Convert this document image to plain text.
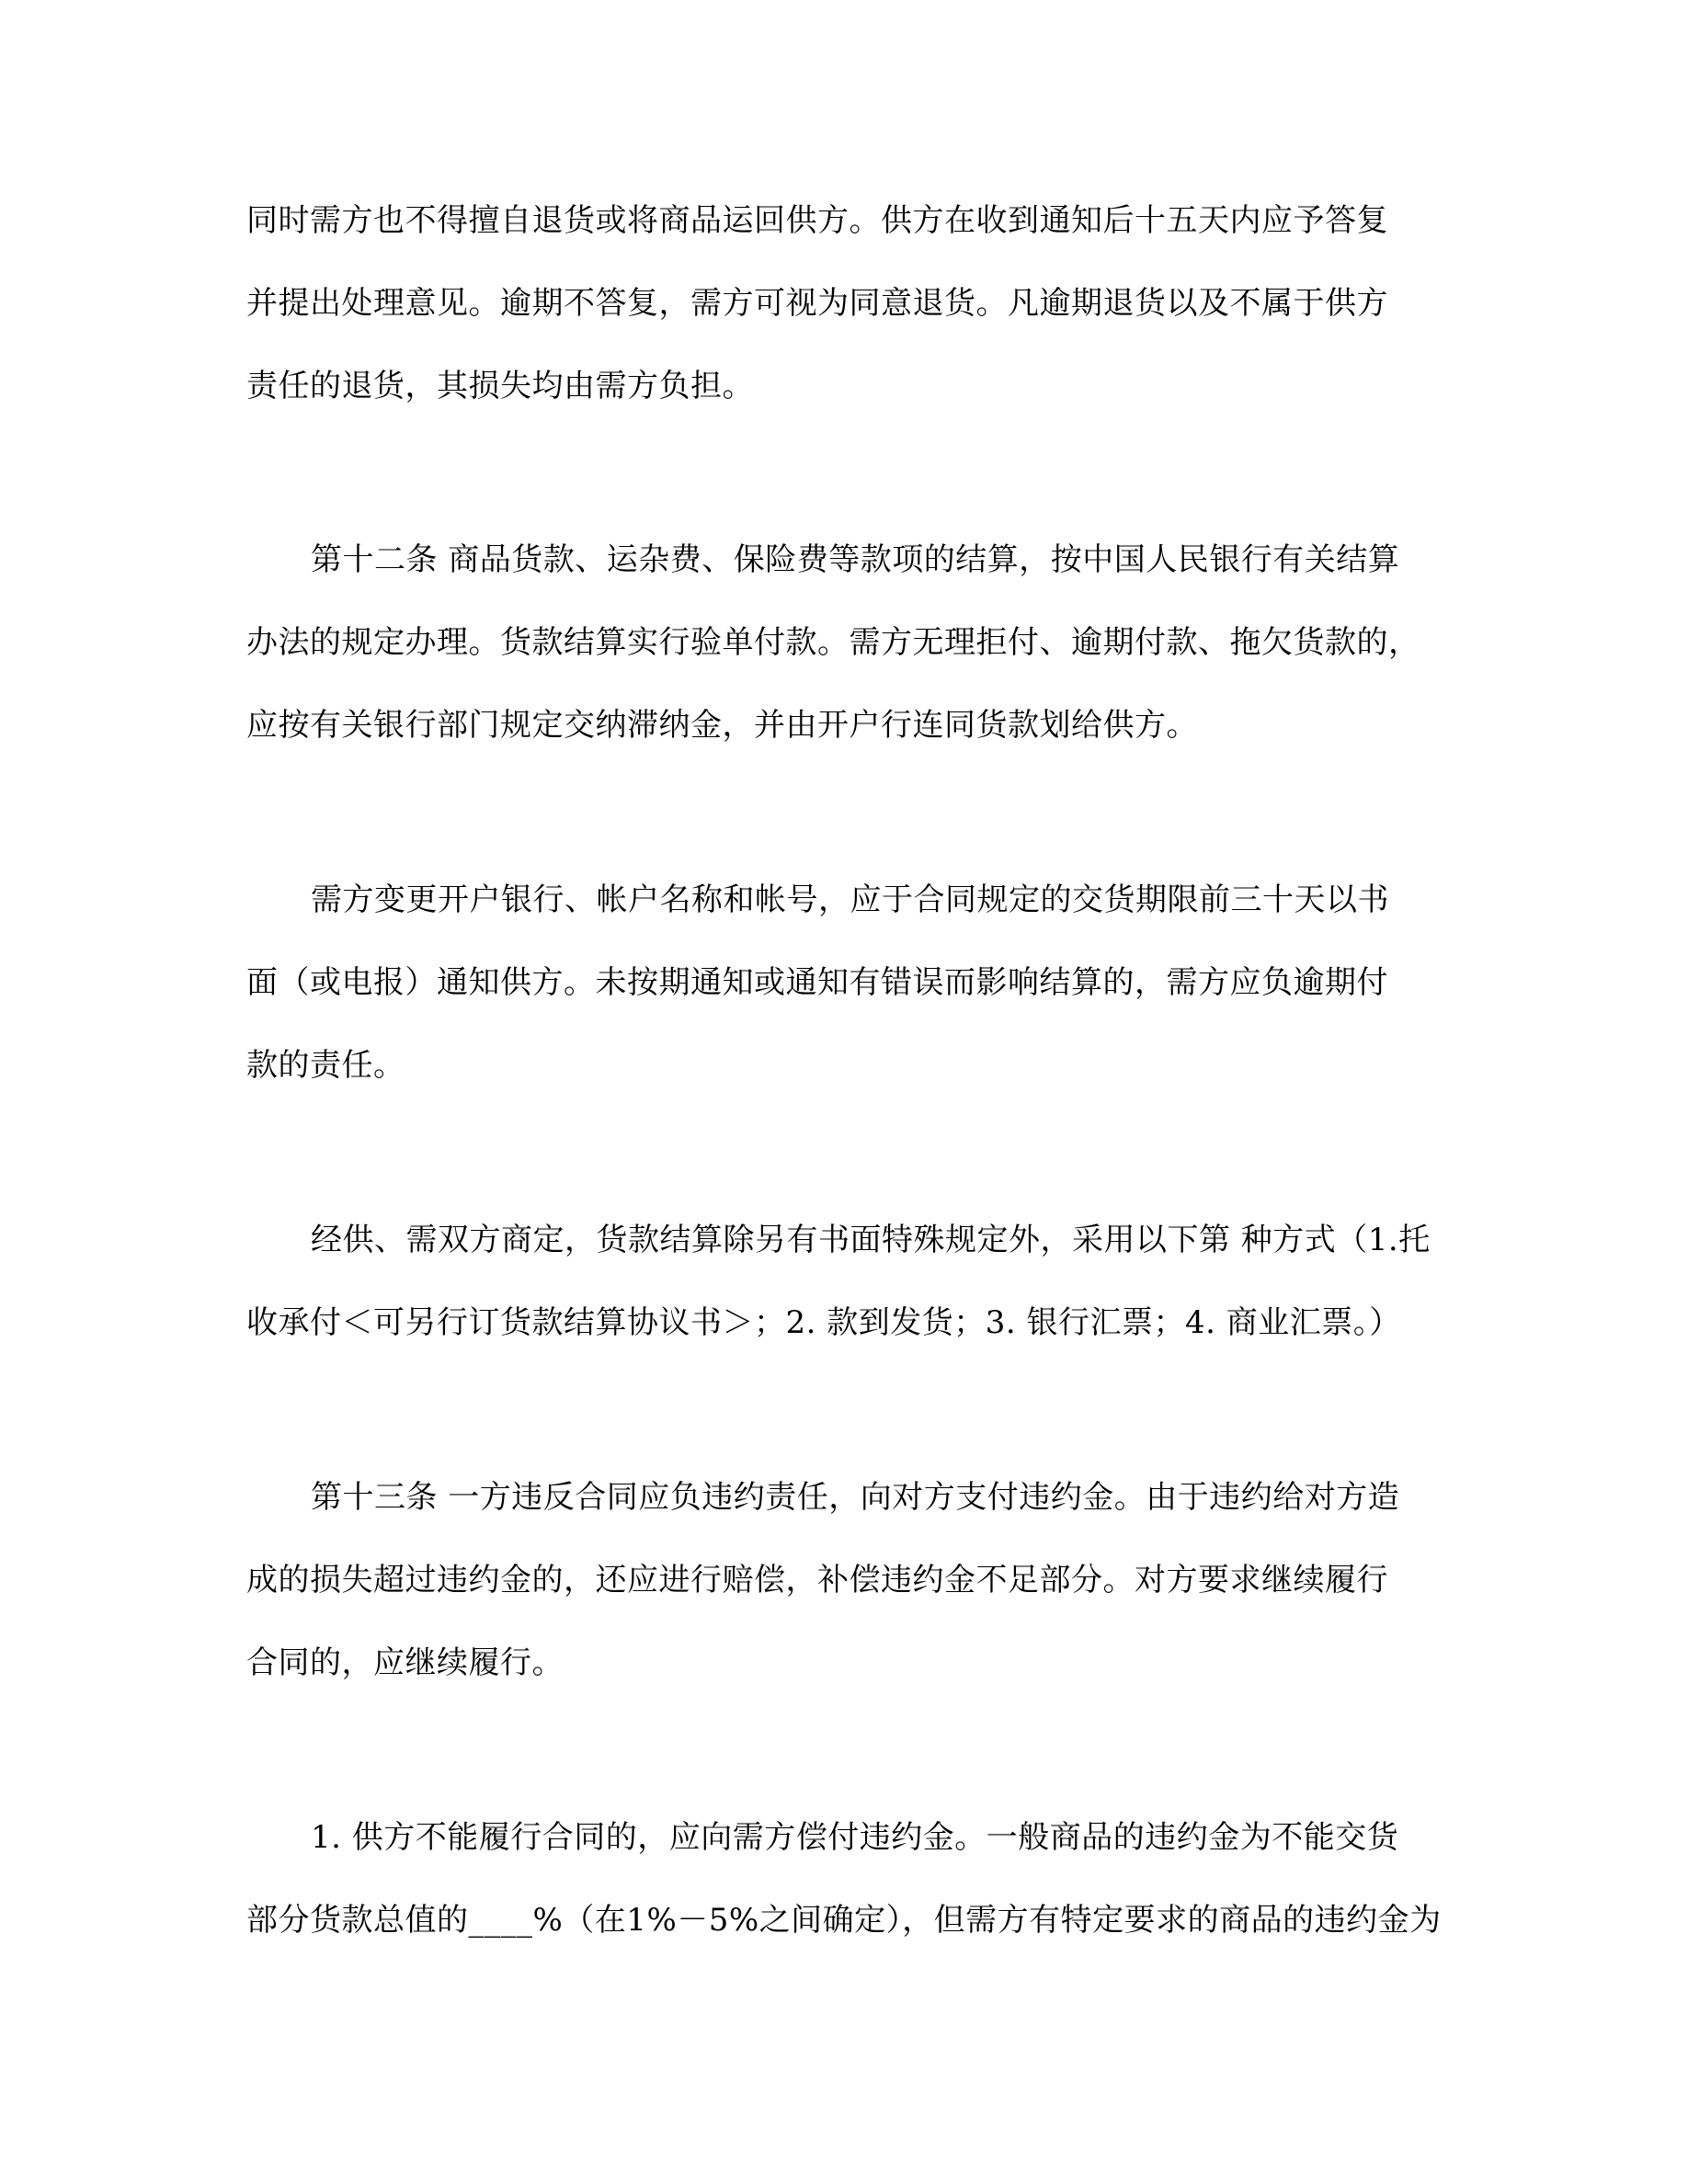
同时需方也不得擅自退货或将商品运回供方。供方在收到通知后十五天内应予答复
并提出处理意见。逾期不答复，需方可视为同意退货。凡逾期退货以及不属于供方
责任的退货，其损失均由需方负担。
第十二条 商品货款、运杂费、保险费等款项的结算，按中国人民银行有关结算
办法的规定办理。货款结算实行验单付款。需方无理拒付、逾期付款、拖欠货款的，
应按有关银行部门规定交纳滞纳金，并由开户行连同货款划给供方。
需方变更开户银行、帐户名称和帐号，应于合同规定的交货期限前三十天以书
面（或电报）通知供方。未按期通知或通知有错误而影响结算的，需方应负逾期付
款的责任。
经供、需双方商定，货款结算除另有书面特殊规定外，采用以下第 种方式（1.托
收承付＜可另行订货款结算协议书＞；2. 款到发货；3. 银行汇票；4. 商业汇票。）
第十三条 一方违反合同应负违约责任，向对方支付违约金。由于违约给对方造
成的损失超过违约金的，还应进行赔偿，补偿违约金不足部分。对方要求继续履行
合同的，应继续履行。
1. 供方不能履行合同的，应向需方偿付违约金。一般商品的违约金为不能交货
部分货款总值的____%（在1%－5%之间确定），但需方有特定要求的商品的违约金为
